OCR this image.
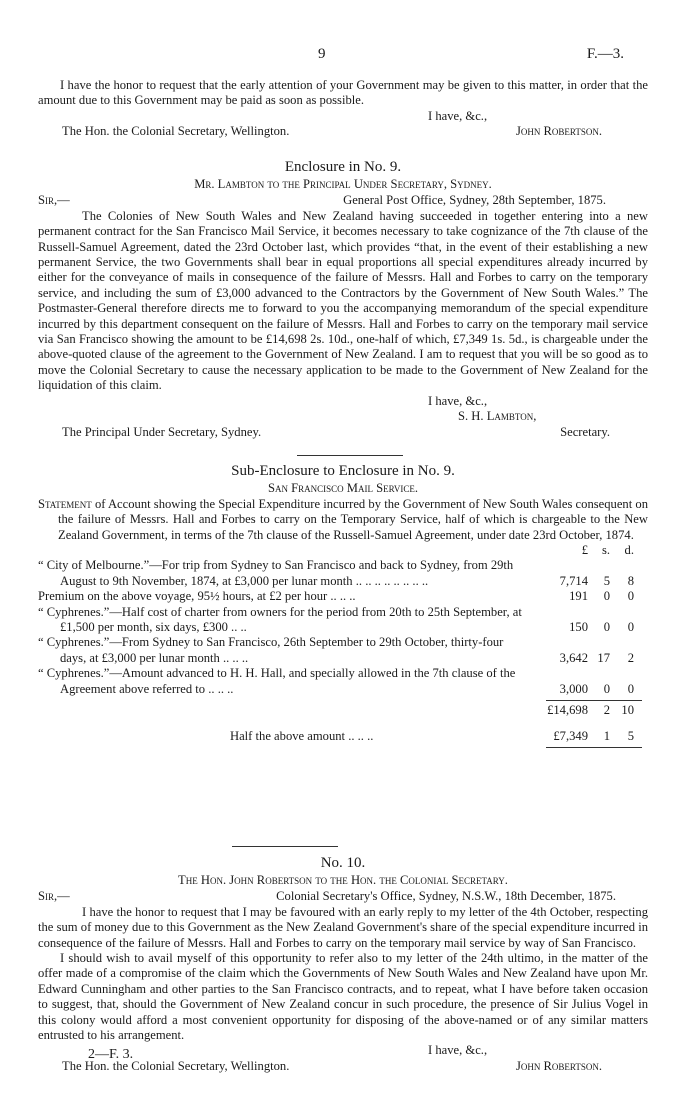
9	F.—3.
I have the honor to request that the early attention of your Government may be given to this matter, in order that the amount due to this Government may be paid as soon as possible.
I have, &c.,
The Hon. the Colonial Secretary, Wellington.	John Robertson.
Enclosure in No. 9.
Mr. Lambton to the Principal Under Secretary, Sydney.
Sir,—	General Post Office, Sydney, 28th September, 1875.
The Colonies of New South Wales and New Zealand having succeeded in together entering into a new permanent contract for the San Francisco Mail Service, it becomes necessary to take cognizance of the 7th clause of the Russell-Samuel Agreement, dated the 23rd October last, which provides “that, in the event of their establishing a new permanent Service, the two Governments shall bear in equal proportions all special expenditures already incurred by either for the conveyance of mails in consequence of the failure of Messrs. Hall and Forbes to carry on the temporary service, and including the sum of £3,000 advanced to the Contractors by the Government of New South Wales.” The Postmaster-General therefore directs me to forward to you the accompanying memorandum of the special expenditure incurred by this department consequent on the failure of Messrs. Hall and Forbes to carry on the temporary mail service via San Francisco showing the amount to be £14,698 2s. 10d., one-half of which, £7,349 1s. 5d., is chargeable under the above-quoted clause of the agreement to the Government of New Zealand. I am to request that you will be so good as to move the Colonial Secretary to cause the necessary application to be made to the Government of New Zealand for the liquidation of this claim.
I have, &c.,
S. H. Lambton,
The Principal Under Secretary, Sydney.	Secretary.
Sub-Enclosure to Enclosure in No. 9.
San Francisco Mail Service.
Statement of Account showing the Special Expenditure incurred by the Government of New South Wales consequent on the failure of Messrs. Hall and Forbes to carry on the Temporary Service, half of which is chargeable to the New Zealand Government, in terms of the 7th clause of the Russell-Samuel Agreement, under date 23rd October, 1874.
£ s. d.
“ City of Melbourne.”—For trip from Sydney to San Francisco and back to Sydney, from 29th August to 9th November, 1874, at £3,000 per lunar month .. .. .. .. .. .. .. ..	7,714 5 8
Premium on the above voyage, 95½ hours, at £2 per hour .. .. ..	191 0 0
“ Cyphrenes.”—Half cost of charter from owners for the period from 20th to 25th September, at £1,500 per month, six days, £300 .. ..	150 0 0
“ Cyphrenes.”—From Sydney to San Francisco, 26th September to 29th October, thirty-four days, at £3,000 per lunar month .. .. ..	3,642 17 2
“ Cyphrenes.”—Amount advanced to H. H. Hall, and specially allowed in the 7th clause of the Agreement above referred to .. .. ..	3,000 0 0
£14,698 2 10
Half the above amount .. .. ..	£7,349 1 5
No. 10.
The Hon. John Robertson to the Hon. the Colonial Secretary.
Sir,—	Colonial Secretary's Office, Sydney, N.S.W., 18th December, 1875.
I have the honor to request that I may be favoured with an early reply to my letter of the 4th October, respecting the sum of money due to this Government as the New Zealand Government's share of the special expenditure incurred in consequence of the failure of Messrs. Hall and Forbes to carry on the temporary mail service by way of San Francisco.
I should wish to avail myself of this opportunity to refer also to my letter of the 24th ultimo, in the matter of the offer made of a compromise of the claim which the Governments of New South Wales and New Zealand have upon Mr. Edward Cunningham and other parties to the San Francisco contracts, and to repeat, what I have before taken occasion to suggest, that, should the Government of New Zealand concur in such procedure, the presence of Sir Julius Vogel in this colony would afford a most convenient opportunity for disposing of the above-named or of any similar matters entrusted to his arrangement.
I have, &c.,
The Hon. the Colonial Secretary, Wellington.	John Robertson.
2—F. 3.
